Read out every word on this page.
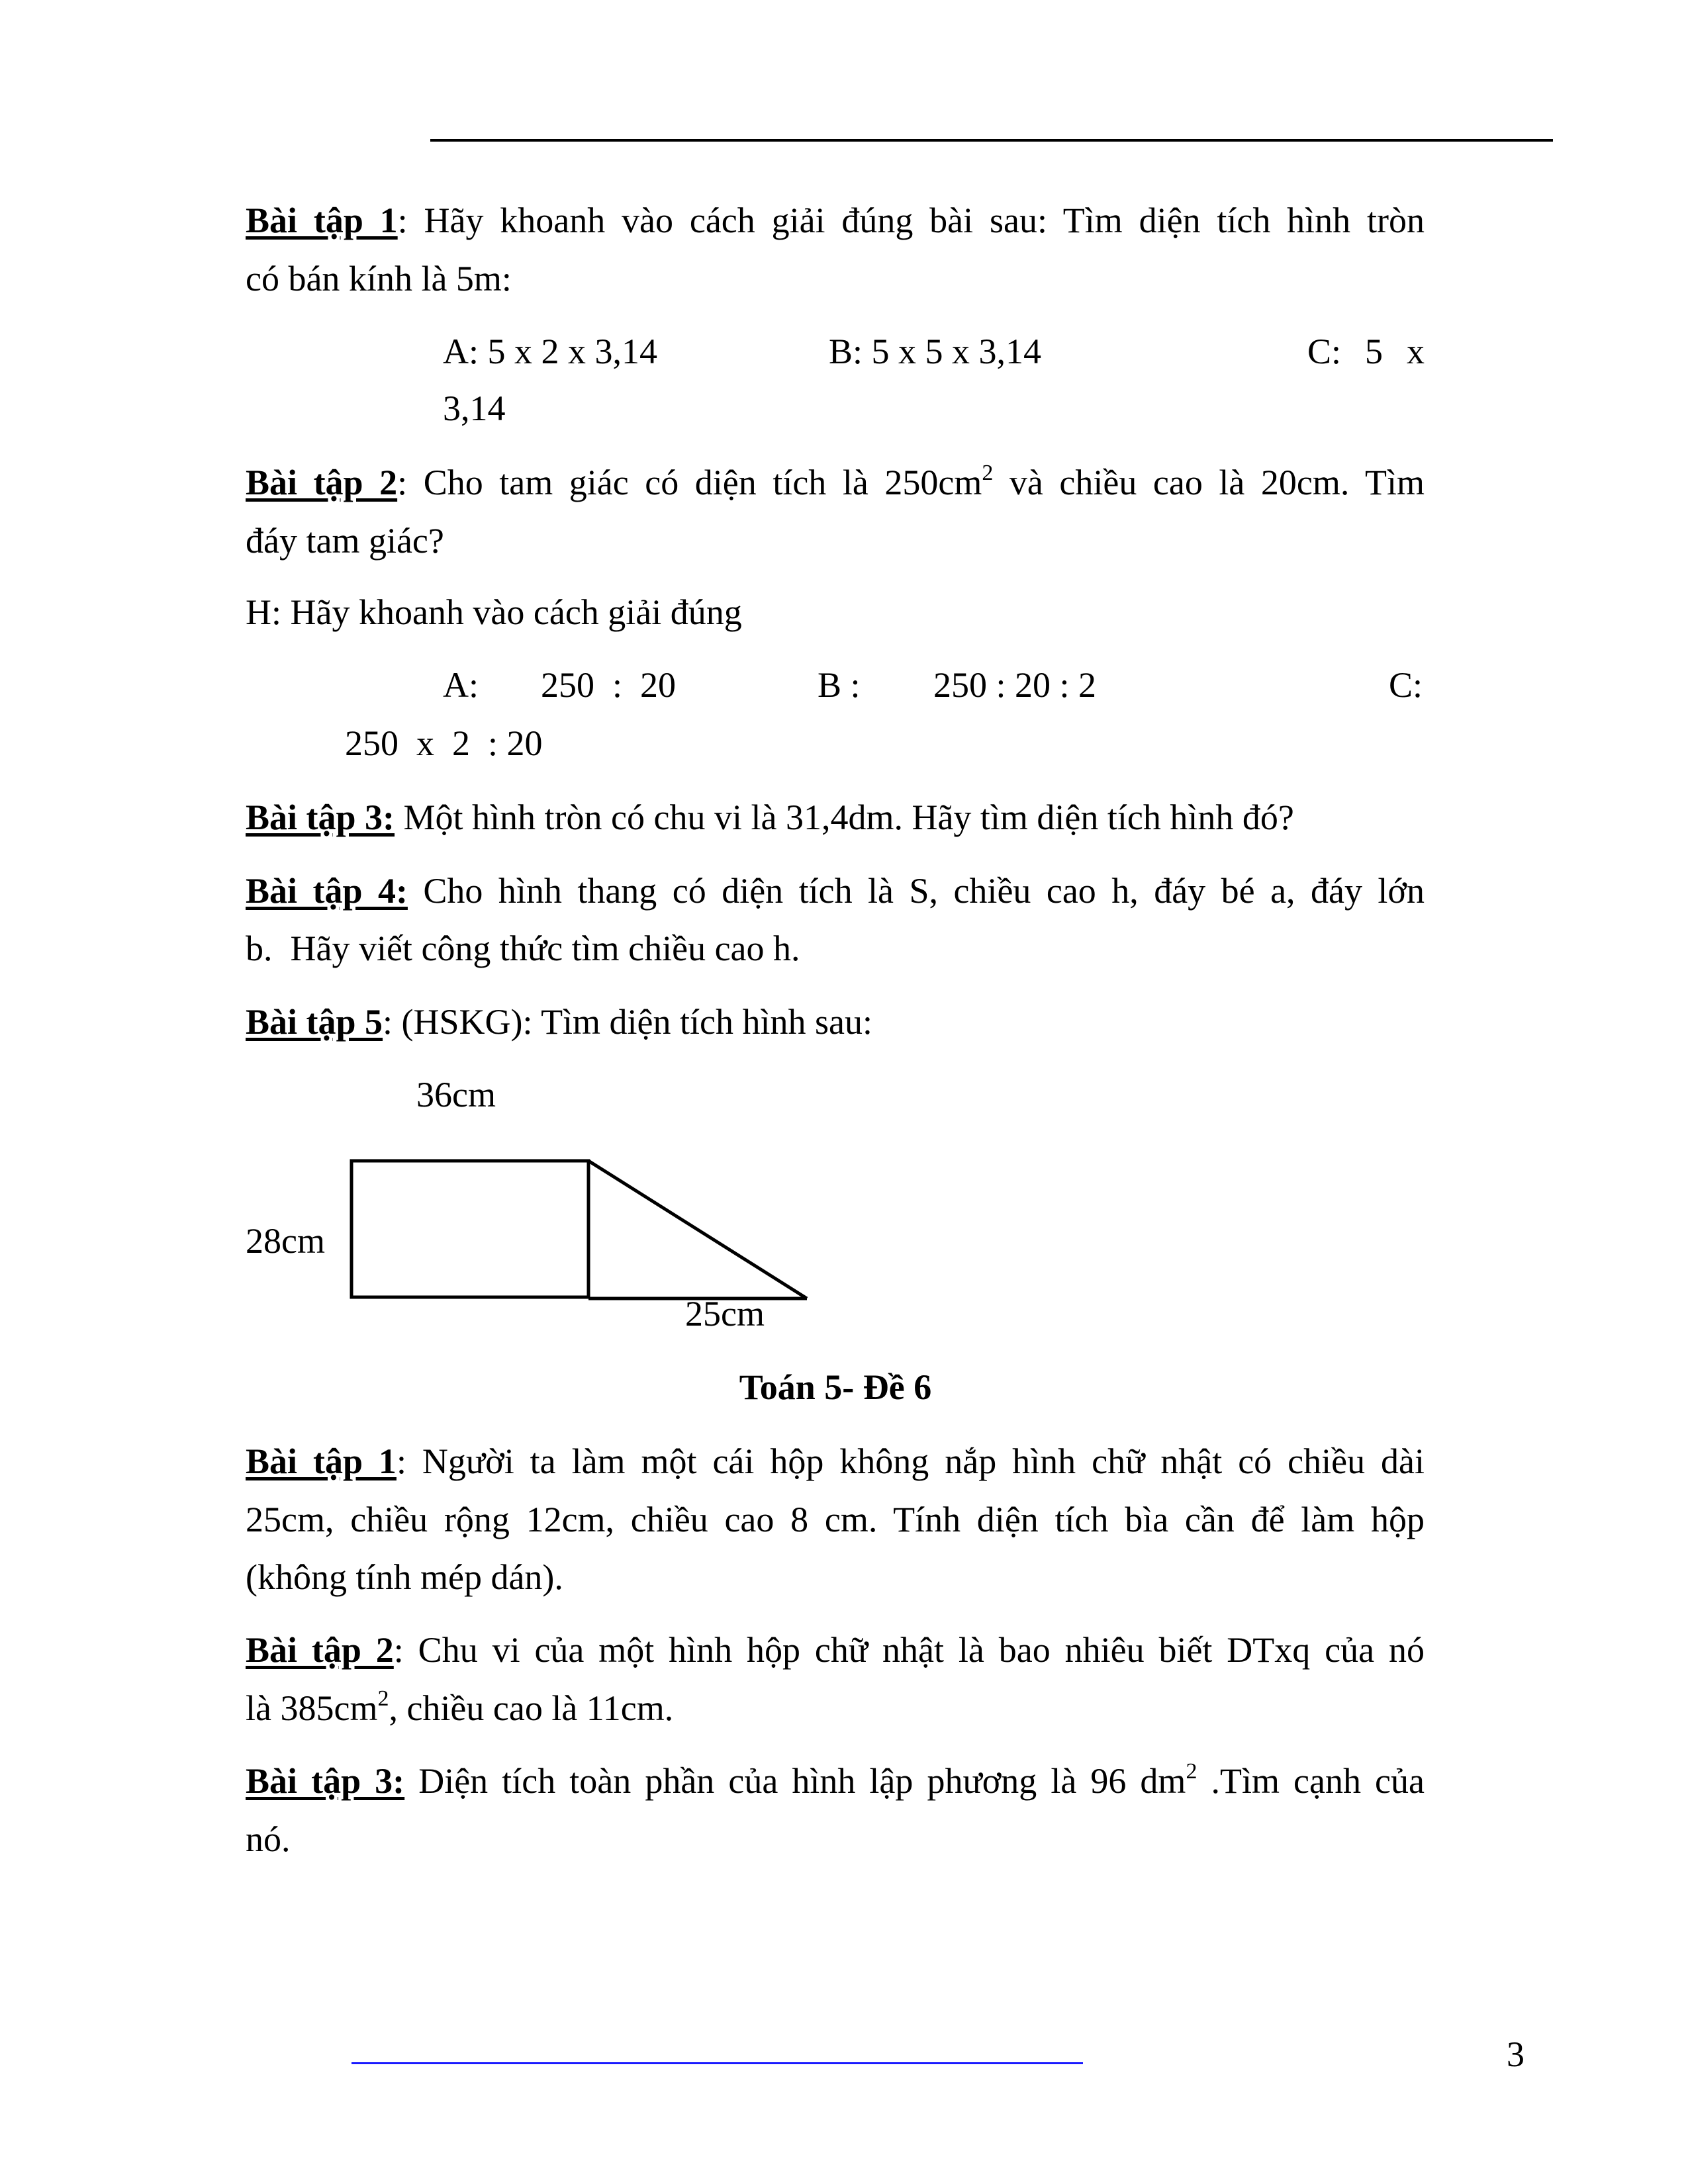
Bài tập 1: Hãy khoanh vào cách giải đúng bài sau: Tìm diện tích hình tròn
có bán kính là 5m:
A: 5 x 2 x 3,14	B: 5 x 5 x 3,14	C: 5 x
3,14
Bài tập 2: Cho tam giác có diện tích là $250cm^2$ và chiều cao là 20cm. Tìm
đáy tam giác?
H: Hãy khoanh vào cách giải đúng
A: 250  :  20	B : 250 : 20 : 2	C:
250  x  2  : 20
Bài tập 3: Một hình tròn có chu vi là 31,4dm. Hãy tìm diện tích hình đó?
Bài tập 4: Cho hình thang có diện tích là S, chiều cao h, đáy bé a, đáy lớn
b.  Hãy viết công thức tìm chiều cao h.
Bài tập 5: (HSKG): Tìm diện tích hình sau:
36cm
28cm
25cm
Toán 5- Đề 6
Bài tập 1: Người ta làm một cái hộp không nắp hình chữ nhật có chiều dài
25cm, chiều rộng 12cm, chiều cao 8 cm. Tính diện tích bìa cần để làm hộp
(không tính mép dán).
Bài tập 2: Chu vi của một hình hộp chữ nhật là bao nhiêu biết DTxq của nó
là $385cm^2$, chiều cao là 11cm.
Bài tập 3: Diện tích toàn phần của hình lập phương là 96 $dm^2$ .Tìm cạnh của
nó.
3
